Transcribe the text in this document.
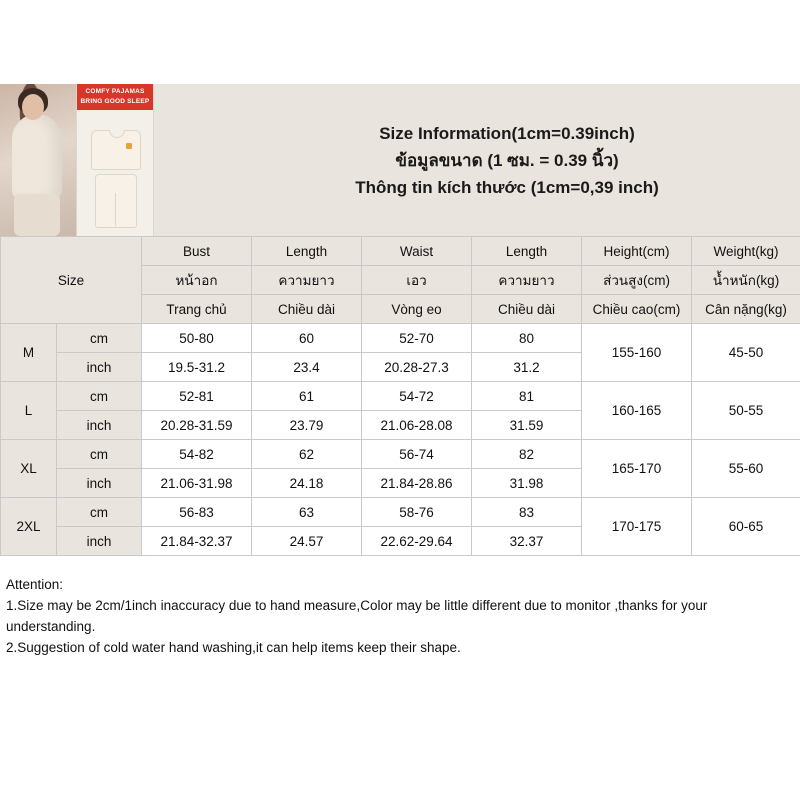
COMFY PAJAMAS
BRING GOOD SLEEP
Size Information(1cm=0.39inch)
ข้อมูลขนาด (1 ซม. = 0.39 นิ้ว)
Thông tin kích thước (1cm=0,39 inch)
Size		Bust	Length	Waist	Length	Height(cm)	Weight(kg)
		หน้าอก	ความยาว	เอว	ความยาว	ส่วนสูง(cm)	น้ำหนัก(kg)
		Trang chủ	Chiều dài	Vòng eo	Chiều dài	Chiều cao(cm)	Cân nặng(kg)
M	cm	50-80	60	52-70	80	155-160	45-50
	inch	19.5-31.2	23.4	20.28-27.3	31.2		
L	cm	52-81	61	54-72	81	160-165	50-55
	inch	20.28-31.59	23.79	21.06-28.08	31.59		
XL	cm	54-82	62	56-74	82	165-170	55-60
	inch	21.06-31.98	24.18	21.84-28.86	31.98		
2XL	cm	56-83	63	58-76	83	170-175	60-65
	inch	21.84-32.37	24.57	22.62-29.64	32.37		

Attention:

1.Size may be 2cm/1inch inaccuracy due to hand measure,Color may be little different due to monitor ,thanks for your

understanding.

2.Suggestion of cold water hand washing,it can help items keep their shape.
